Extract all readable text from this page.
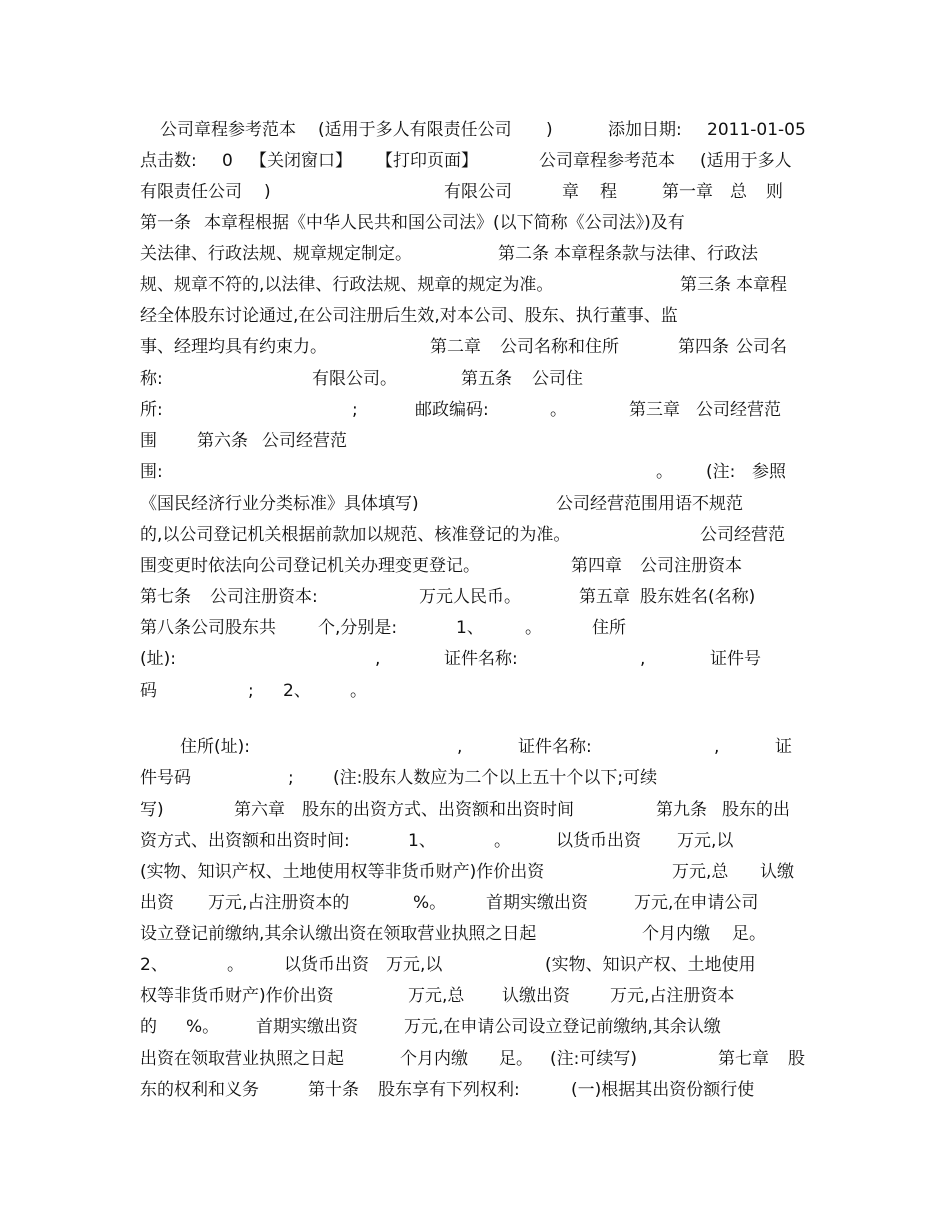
公司章程参考范本 (适用于多人有限责任公司 )	添加日期: 2011-01-05
点击数: 0 【关闭窗口】 【打印页面】	公司章程参考范本 (适用于多人
有限责任公司 )	有限公司	章 程	第一章 总 则
第一条 本章程根据《中华人民共和国公司法》(以下简称《公司法》)及有
关法律、行政法规、规章规定制定。	第二条 本章程条款与法律、行政法
规、规章不符的,以法律、行政法规、规章的规定为准。	第三条 本章程
经全体股东讨论通过,在公司注册后生效,对本公司、股东、执行董事、监
事、经理均具有约束力。	第二章 公司名称和住所	第四条 公司名
称:	有限公司。	第五条 公司住
所:	;	邮政编码:	。	第三章 公司经营范
围 第六条 公司经营范
围:	。 (注: 参照
《国民经济行业分类标准》具体填写)	公司经营范围用语不规范
的,以公司登记机关根据前款加以规范、核准登记的为准。	公司经营范
围变更时依法向公司登记机关办理变更登记。	第四章 公司注册资本
第七条 公司注册资本:	万元人民币。	第五章 股东姓名(名称)
第八条公司股东共 个,分别是:	1、 。	住所
(址):	,	证件名称:	,	证件号
码	; 2、 。
住所(址):	,	证件名称:	,	证
件号码	; (注:股东人数应为二个以上五十个以下;可续
写)	第六章 股东的出资方式、出资额和出资时间	第九条 股东的出
资方式、出资额和出资时间:	1、	。	以货币出资 万元,以
(实物、知识产权、土地使用权等非货币财产)作价出资	万元,总 认缴
出资 万元,占注册资本的	%。 首期实缴出资	万元,在申请公司
设立登记前缴纳,其余认缴出资在领取营业执照之日起	个月内缴 足。
2、	。 以货币出资 万元,以	(实物、知识产权、土地使用
权等非货币财产)作价出资	万元,总 认缴出资 万元,占注册资本
的 %。 首期实缴出资	万元,在申请公司设立登记前缴纳,其余认缴
出资在领取营业执照之日起	个月内缴 足。 (注:可续写)	第七章 股
东的权利和义务	第十条 股东享有下列权利:	(一)根据其出资份额行使
